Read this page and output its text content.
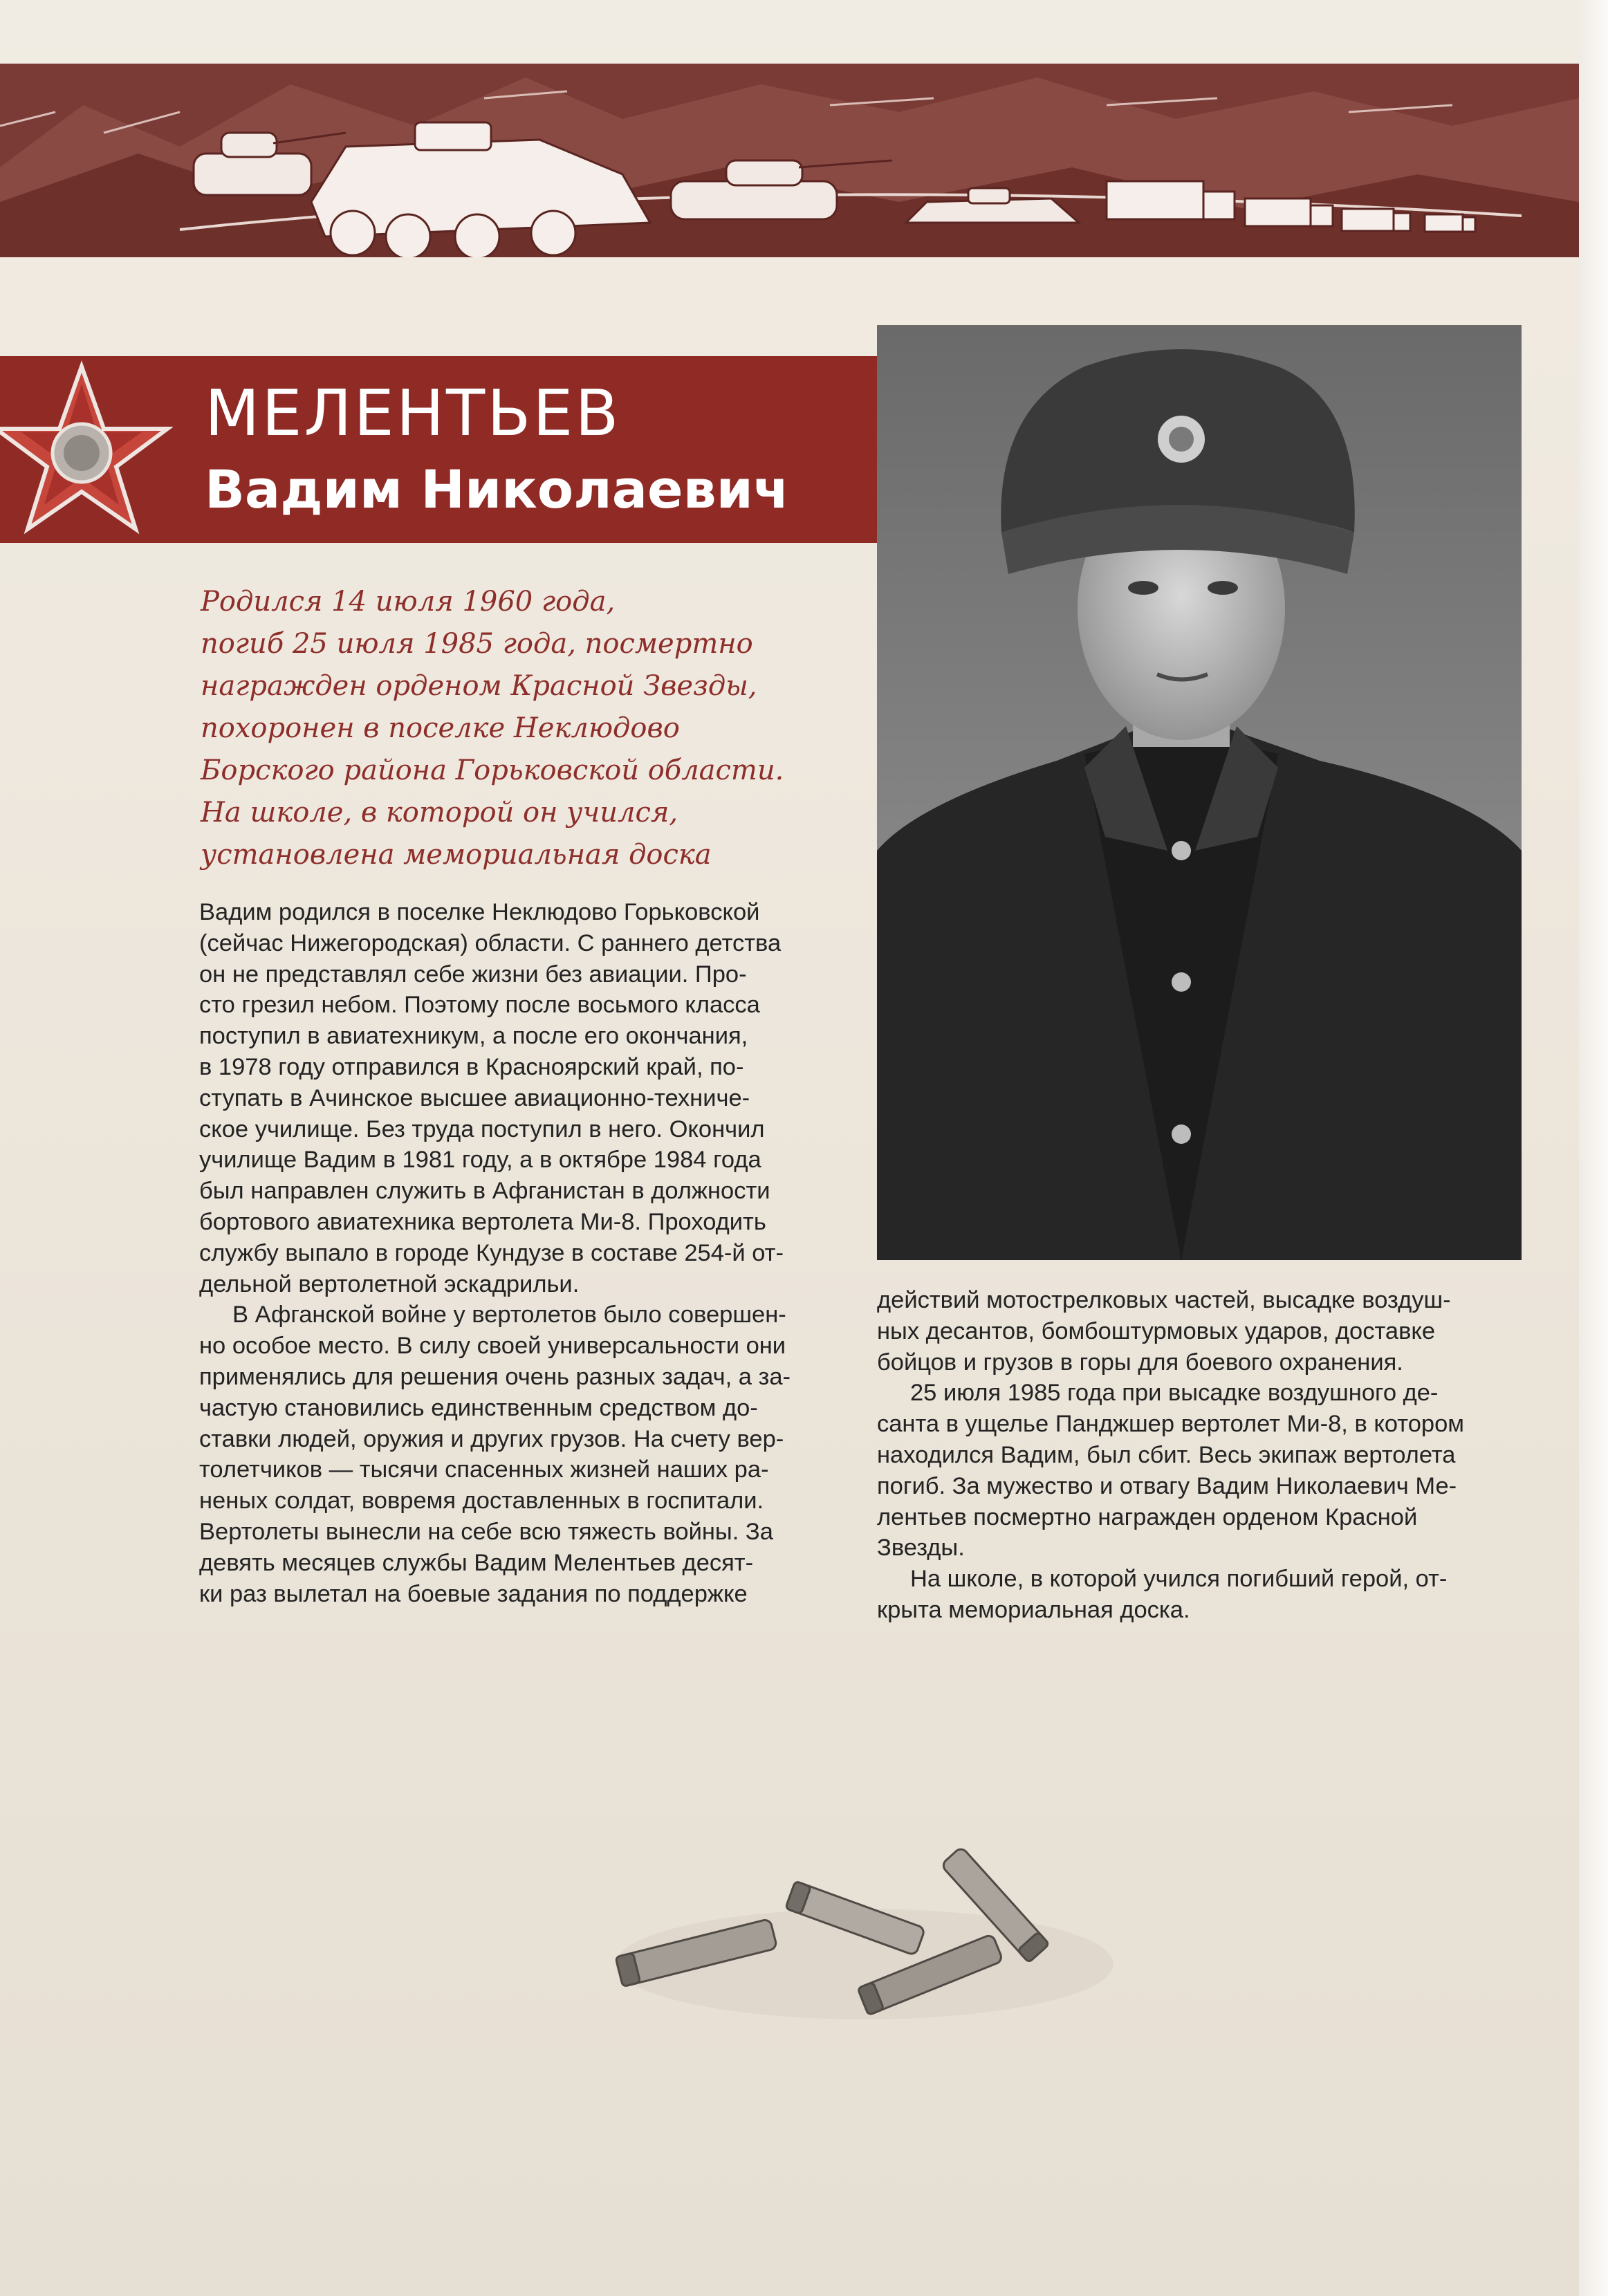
МЕЛЕНТЬЕВ
Вадим Николаевич
Родился 14 июля 1960 года,
погиб 25 июля 1985 года, посмертно
награжден орденом Красной Звезды,
похоронен в поселке Неклюдово
Борского района Горьковской области.
На школе, в которой он учился,
установлена мемориальная доска
Вадим родился в поселке Неклюдово Горьковской
(сейчас Нижегородская) области. С раннего детства
он не представлял себе жизни без авиации. Про-
сто грезил небом. Поэтому после восьмого класса
поступил в авиатехникум, а после его окончания,
в 1978 году отправился в Красноярский край, по-
ступать в Ачинское высшее авиационно-техниче-
ское училище. Без труда поступил в него. Окончил
училище Вадим в 1981 году, а в октябре 1984 года
был направлен служить в Афганистан в должности
бортового авиатехника вертолета Ми-8. Проходить
службу выпало в городе Кундузе в составе 254-й от-
дельной вертолетной эскадрильи.
В Афганской войне у вертолетов было совершен-
но особое место. В силу своей универсальности они
применялись для решения очень разных задач, а за-
частую становились единственным средством до-
ставки людей, оружия и других грузов. На счету вер-
толетчиков — тысячи спасенных жизней наших ра-
неных солдат, вовремя доставленных в госпитали.
Вертолеты вынесли на себе всю тяжесть войны. За
девять месяцев службы Вадим Мелентьев десят-
ки раз вылетал на боевые задания по поддержке
действий мотострелковых частей, высадке воздуш-
ных десантов, бомбоштурмовых ударов, доставке
бойцов и грузов в горы для боевого охранения.
25 июля 1985 года при высадке воздушного де-
санта в ущелье Панджшер вертолет Ми-8, в котором
находился Вадим, был сбит. Весь экипаж вертолета
погиб. За мужество и отвагу Вадим Николаевич Ме-
лентьев посмертно награжден орденом Красной
Звезды.
На школе, в которой учился погибший герой, от-
крыта мемориальная доска.
